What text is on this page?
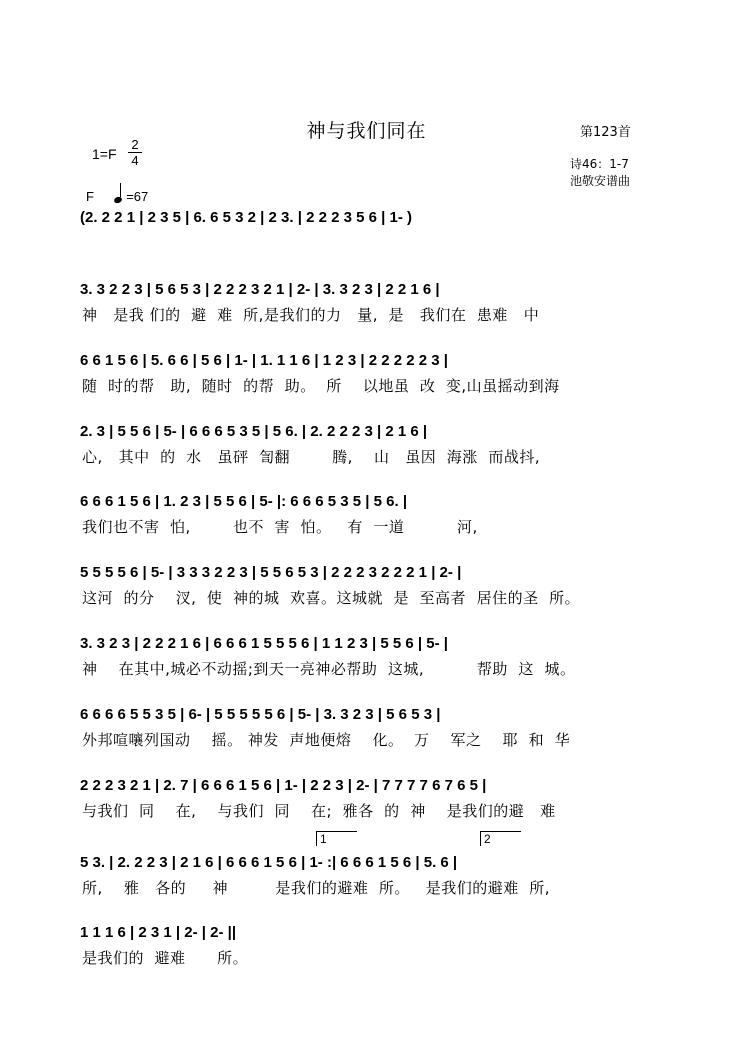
神与我们同在	第123首
1=F
2
4	诗46：1-7
池敬安谱曲
F =67
(2. 2 2 1 | 2 3 5 | 6. 6 5 3 2 | 2 3. | 2 2 2 3 5 6 | 1- )
3. 3 2 2 3 | 5 6 5 3 | 2 2 2 3 2 1 | 2- | 3. 3 2 3 | 2 2 1 6 |
神   是我 们的  避  难  所,是我们的力   量,  是   我们在  患难   中
6 6 1 5 6 | 5. 6 6 | 5 6 | 1- | 1. 1 1 6 | 1 2 3 | 2 2 2 2 2 3 |
随  时的帮   助,  随时  的帮  助。  所    以地虽  改  变,山虽摇动到海
2. 3 | 5 5 6 | 5- | 6 6 6 5 3 5 | 5 6. | 2. 2 2 2 3 | 2 1 6 |
心,   其中  的  水   虽砰  訇翻        腾,    山   虽因  海涨  而战抖,
6 6 6 1 5 6 | 1. 2 3 | 5 5 6 | 5- |: 6 6 6 5 3 5 | 5 6. |
我们也不害  怕,        也不  害  怕。   有  一道          河,
5 5 5 5 6 | 5- | 3 3 3 2 2 3 | 5 5 6 5 3 | 2 2 2 3 2 2 2 1 | 2- |
这河  的分    汊,  使  神的城  欢喜。这城就  是  至高者  居住的圣  所。
3. 3 2 3 | 2 2 2 1 6 | 6 6 6 1 5 5 5 6 | 1 1 2 3 | 5 5 6 | 5- |
神    在其中,城必不动摇;到天一亮神必帮助  这城,          帮助  这  城。
6 6 6 6 5 5 3 5 | 6- | 5 5 5 5 5 6 | 5- | 3. 3 2 3 | 5 6 5 3 |
外邦喧嚷列国动    摇。 神发  声地便熔    化。  万    军之    耶  和  华
2 2 2 3 2 1 | 2. 7 | 6 6 6 1 5 6 | 1- | 2 2 3 | 2- | 7 7 7 7 6 7 6 5 |
与我们  同    在,    与我们  同    在;  雅各  的  神    是我们的避   难
1	2
5 3. | 2. 2 2 3 | 2 1 6 | 6 6 6 1 5 6 | 1- :| 6 6 6 1 5 6 | 5. 6 |
所,    雅   各的     神         是我们的避难  所。   是我们的避难  所,
1 1 1 6 | 2 3 1 | 2- | 2- ||
是我们的  避难      所。
